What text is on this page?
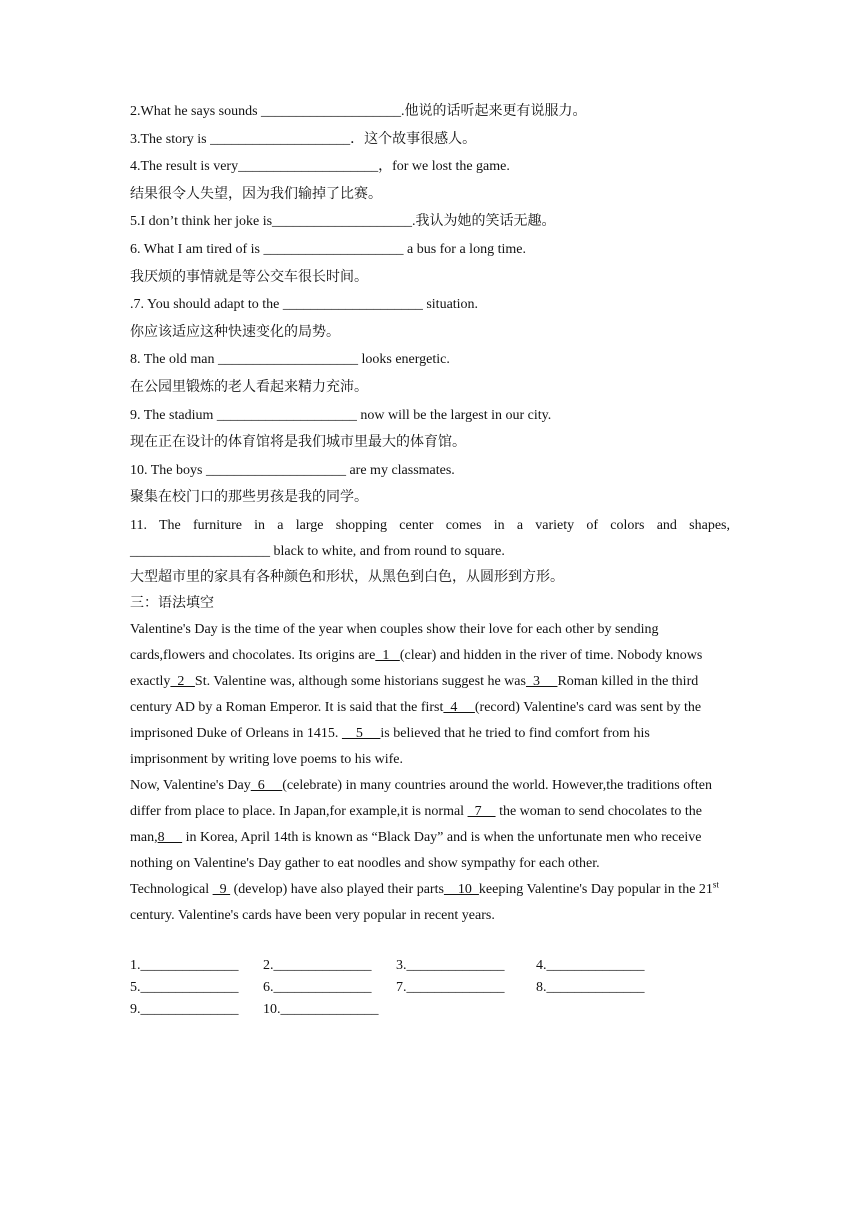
2.What he says sounds ____________________.他说的话听起来更有说服力。
3.The story is ____________________．这个故事很感人。
4.The result is very____________________，for we lost the game.
结果很令人失望，因为我们输掉了比赛。
5.I don’t think her joke is____________________.我认为她的笑话无趣。
6. What I am tired of is ____________________ a bus for a long time.
我厌烦的事情就是等公交车很长时间。
.7. You should adapt to the ____________________ situation.
你应该适应这种快速变化的局势。
8. The old man ____________________ looks energetic.
在公园里锻炼的老人看起来精力充沛。
9. The stadium ____________________ now will be the largest in our city.
现在正在设计的体育馆将是我们城市里最大的体育馆。
10. The boys ____________________ are my classmates.
聚集在校门口的那些男孩是我的同学。
11. The furniture in a large shopping center comes in a variety of colors and shapes,
____________________ black to white, and from round to square.
大型超市里的家具有各种颜色和形状，从黑色到白色，从圆形到方形。
三：语法填空
Valentine's Day is the time of the year when couples show their love for each other by sending cards,flowers and chocolates. Its origins are  1   (clear) and hidden in the river of time. Nobody knows exactly  2   St. Valentine was, although some historians suggest he was  3     Roman killed in the third century AD by a Roman Emperor. It is said that the first  4     (record) Valentine's card was sent by the imprisoned Duke of Orleans in 1415.     5     is believed that he tried to find comfort from his imprisonment by writing love poems to his wife.
Now, Valentine's Day  6     (celebrate) in many countries around the world. However,the traditions often differ from place to place. In Japan,for example,it is normal   7     the woman to send chocolates to the man,8      in Korea, April 14th is known as “Black Day” and is when the unfortunate men who receive nothing on Valentine's Day gather to eat noodles and show sympathy for each other.
Technological   9  (develop) have also played their parts    10  keeping Valentine's Day popular in the 21st century. Valentine's cards have been very popular in recent years.
1.______________	2.______________	3.______________	4.______________
5.______________	6.______________	7.______________	8.______________
9.______________	10.______________
